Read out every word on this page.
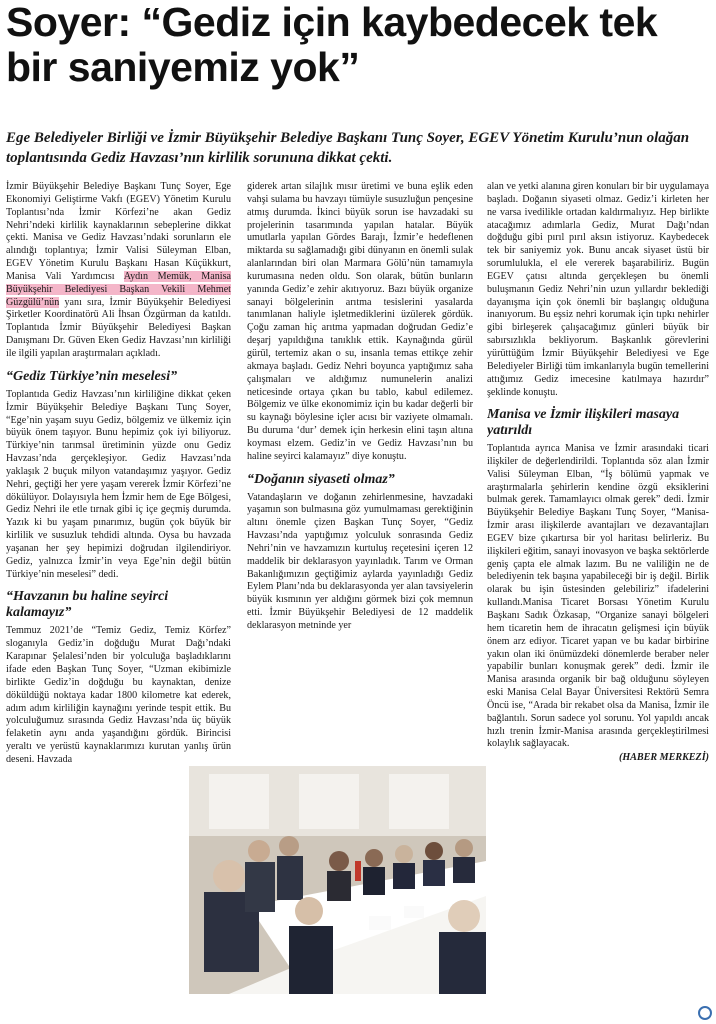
Soyer: “Gediz için kaybedecek tek bir saniyemiz yok”

Ege Belediyeler Birliği ve İzmir Büyükşehir Belediye Başkanı Tunç Soyer, EGEV Yönetim Kurulu’nun olağan toplantısında Gediz Havzası’nın kirlilik sorununa dikkat çekti.

İzmir Büyükşehir Belediye Başkanı Tunç Soyer, Ege Ekonomiyi Geliştirme Vakfı (EGEV) Yönetim Kurulu Toplantısı’nda İzmir Körfezi’ne akan Gediz Nehri’ndeki kirlilik kaynaklarının sebeplerine dikkat çekti. Manisa ve Gediz Havzası’ndaki sorunların ele alındığı toplantıya; İzmir Valisi Süleyman Elban, EGEV Yönetim Kurulu Başkanı Hasan Küçükkurt, Manisa Vali Yardımcısı Aydın Memük, Manisa Büyükşehir Belediyesi Başkan Vekili Mehmet Güzgülü’nün yanı sıra, İzmir Büyükşehir Belediyesi Şirketler Koordinatörü Ali İhsan Özgürman da katıldı. Toplantıda İzmir Büyükşehir Belediyesi Başkan Danışmanı Dr. Güven Eken Gediz Havzası’nın kirliliği ile ilgili yapılan araştırmaları açıkladı.

“Gediz Türkiye’nin meselesi”

Toplantıda Gediz Havzası’nın kirliliğine dikkat çeken İzmir Büyükşehir Belediye Başkanı Tunç Soyer, “Ege’nin yaşam suyu Gediz, bölgemiz ve ülkemiz için büyük önem taşıyor. Bunu hepimiz çok iyi biliyoruz. Türkiye’nin tarımsal üretiminin yüzde onu Gediz Havzası’nda gerçekleşiyor. Gediz Havzası’nda yaklaşık 2 buçuk milyon vatandaşımız yaşıyor. Gediz Nehri, geçtiği her yere yaşam vererek İzmir Körfezi’ne dökülüyor. Dolayısıyla hem İzmir hem de Ege Bölgesi, Gediz Nehri ile etle tırnak gibi iç içe geçmiş durumda. Yazık ki bu yaşam pınarımız, bugün çok büyük bir kirlilik ve susuzluk tehdidi altında. Oysa bu havzada yaşanan her şey hepimizi doğrudan ilgilendiriyor. Gediz, yalnızca İzmir’in veya Ege’nin değil bütün Türkiye’nin meselesi” dedi.

“Havzanın bu haline seyirci kalamayız”

Temmuz 2021’de “Temiz Gediz, Temiz Körfez” sloganıyla Gediz’in doğduğu Murat Dağı’ndaki Karapınar Şelalesi’nden bir yolculuğa başladıklarını ifade eden Başkan Tunç Soyer, “Uzman ekibimizle birlikte Gediz’in doğduğu bu kaynaktan, denize döküldüğü noktaya kadar 1800 kilometre kat ederek, adım adım kirliliğin kaynağını yerinde tespit ettik. Bu yolculuğumuz sırasında Gediz Havzası’nda üç büyük felaketin aynı anda yaşandığını gördük. Birincisi yeraltı ve yerüstü kaynaklarımızı kurutan yanlış ürün deseni. Havzada

giderek artan silajlık mısır üretimi ve buna eşlik eden vahşi sulama bu havzayı tümüyle susuzluğun pençesine atmış durumda. İkinci büyük sorun ise havzadaki su projelerinin tasarımında yapılan hatalar. Büyük umutlarla yapılan Gördes Barajı, İzmir’e hedeflenen miktarda su sağlamadığı gibi dünyanın en önemli sulak alanlarından biri olan Marmara Gölü’nün tamamıyla kurumasına neden oldu. Son olarak, bütün bunların yanında Gediz’e zehir akıtıyoruz. Bazı büyük organize sanayi bölgelerinin arıtma tesislerini yasalarda tanımlanan haliyle işletmediklerini üzülerek gördük. Çoğu zaman hiç arıtma yapmadan doğrudan Gediz’e deşarj yapıldığına tanıklık ettik. Kaynağında gürül gürül, tertemiz akan o su, insanla temas ettikçe zehir akmaya başladı. Gediz Nehri boyunca yaptığımız saha çalışmaları ve aldığımız numunelerin analizi neticesinde ortaya çıkan bu tablo, kabul edilemez. Bölgemiz ve ülke ekonomimiz için bu kadar değerli bir su kaynağı böylesine içler acısı bir vaziyete olmamalı. Bu duruma ‘dur’ demek için herkesin elini taşın altına koyması elzem. Gediz’in ve Gediz Havzası’nın bu haline seyirci kalamayız” diye konuştu.

“Doğanın siyaseti olmaz”

Vatandaşların ve doğanın zehirlenmesine, havzadaki yaşamın son bulmasına göz yumulmaması gerektiğinin altını önemle çizen Başkan Tunç Soyer, “Gediz Havzası’nda yaptığımız yolculuk sonrasında Gediz Nehri’nin ve havzamızın kurtuluş reçetesini içeren 12 maddelik bir deklarasyon yayınladık. Tarım ve Orman Bakanlığımızın geçtiğimiz aylarda yayınladığı Gediz Eylem Planı’nda bu deklarasyonda yer alan tavsiyelerin büyük kısmının yer aldığını görmek bizi çok memnun etti. İzmir Büyükşehir Belediyesi de 12 maddelik deklarasyon metninde yer

alan ve yetki alanına giren konuları bir bir uygulamaya başladı. Doğanın siyaseti olmaz. Gediz’i kirleten her ne varsa ivedilikle ortadan kaldırmalıyız. Hep birlikte atacağımız adımlarla Gediz, Murat Dağı’ndan doğduğu gibi pırıl pırıl aksın istiyoruz. Kaybedecek tek bir saniyemiz yok. Bunu ancak siyaset üstü bir sorumlulukla, el ele vererek başarabiliriz. Bugün EGEV çatısı altında gerçekleşen bu önemli buluşmanın Gediz Nehri’nin uzun yıllardır beklediği dayanışma için çok önemli bir başlangıç olduğuna inanıyorum. Bu eşsiz nehri korumak için tıpkı nehirler gibi birleşerek çalışacağımız günleri büyük bir sabırsızlıkla bekliyorum. Başkanlık görevlerini yürüttüğüm İzmir Büyükşehir Belediyesi ve Ege Belediyeler Birliği tüm imkanlarıyla bugün temellerini attığımız Gediz imecesine katılmaya hazırdır” şeklinde konuştu.

Manisa ve İzmir ilişkileri masaya yatırıldı

Toplantıda ayrıca Manisa ve İzmir arasındaki ticari ilişkiler de değerlendirildi. Toplantıda söz alan İzmir Valisi Süleyman Elban, “İş bölümü yapmak ve araştırmalarla şehirlerin kendine özgü eksiklerini bulmak gerek. Tamamlayıcı olmak gerek” dedi. İzmir Büyükşehir Belediye Başkanı Tunç Soyer, “Manisa-İzmir arası ilişkilerde avantajları ve dezavantajları EGEV bize çıkartırsa bir yol haritası belirleriz. Bu ilişkileri eğitim, sanayi inovasyon ve başka sektörlerde geniş çapta ele almak lazım. Bu ne valiliğin ne de belediyenin tek başına yapabileceği bir iş değil. Birlik olarak bu işin üstesinden gelebiliriz” ifadelerini kullandı.Manisa Ticaret Borsası Yönetim Kurulu Başkanı Sadık Özkasap, “Organize sanayi bölgeleri hem ticaretin hem de ihracatın gelişmesi için büyük önem arz ediyor. Ticaret yapan ve bu kadar birbirine yakın olan iki önümüzdeki dönemlerde beraber neler yapabilir bunları konuşmak gerek” dedi. İzmir ile Manisa arasında organik bir bağ olduğunu söyleyen eski Manisa Celal Bayar Üniversitesi Rektörü Semra Öncü ise, “Arada bir rekabet olsa da Manisa, İzmir ile bağlantılı. Sorun sadece yol sorunu. Yol yapıldı ancak hızlı trenin İzmir-Manisa arasında gerçekleştirilmesi kolaylık sağlayacak.

(HABER MERKEZİ)
